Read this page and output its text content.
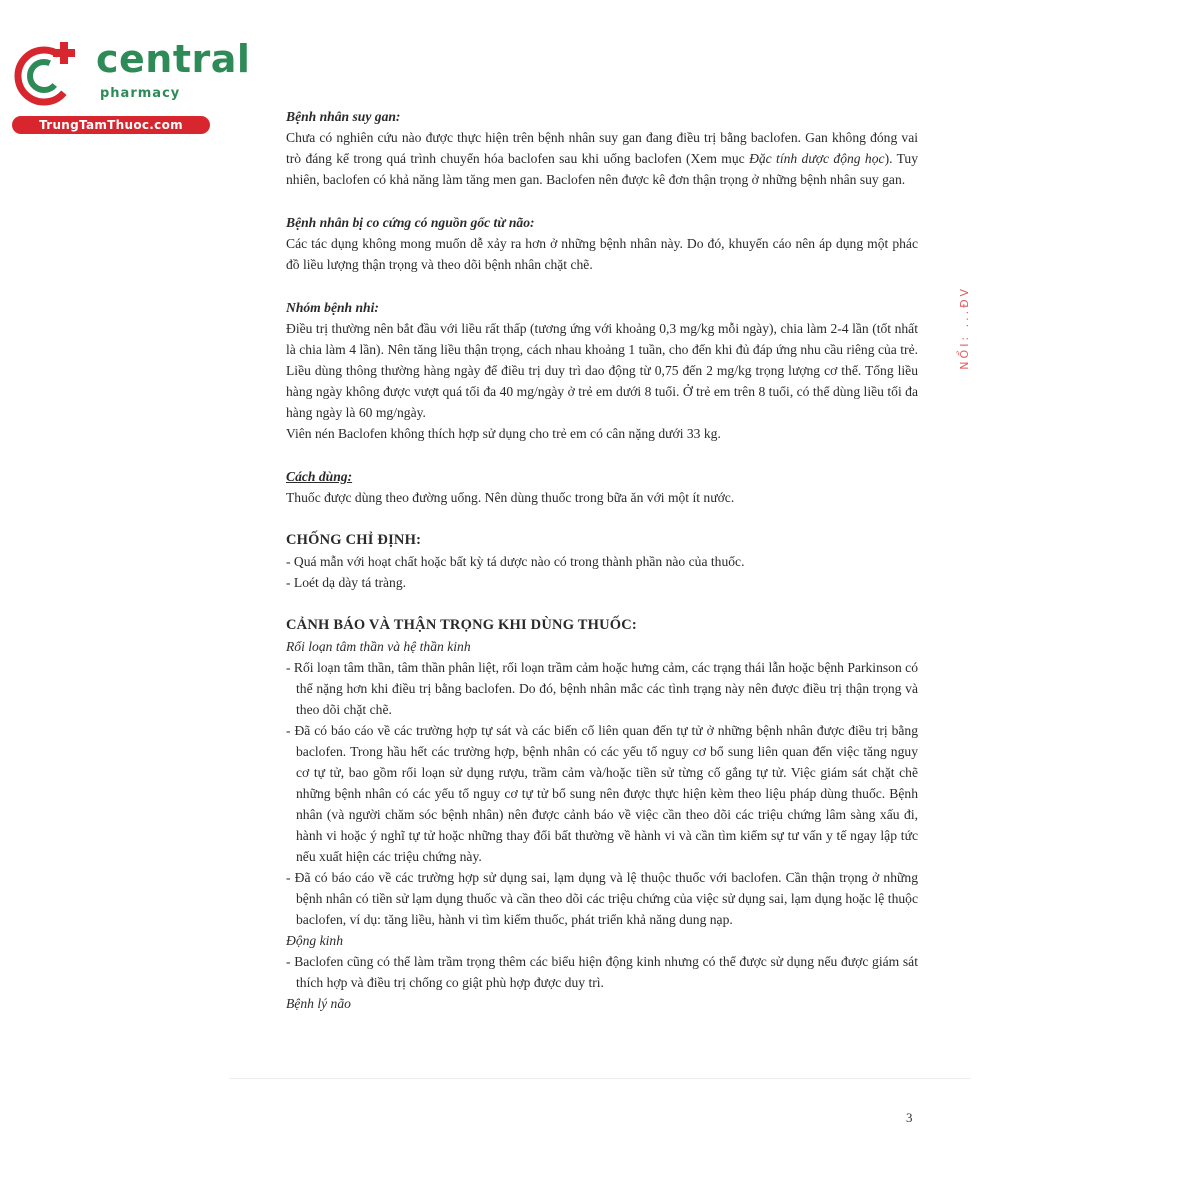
central
pharmacy
TrungTamThuoc.com
NỔI: ...ĐV

Bệnh nhân suy gan:

Chưa có nghiên cứu nào được thực hiện trên bệnh nhân suy gan đang điều trị bằng baclofen. Gan không đóng vai trò đáng kể trong quá trình chuyển hóa baclofen sau khi uống baclofen (Xem mục Đặc tính dược động học). Tuy nhiên, baclofen có khả năng làm tăng men gan. Baclofen nên được kê đơn thận trọng ở những bệnh nhân suy gan.

Bệnh nhân bị co cứng có nguồn gốc từ não:

Các tác dụng không mong muốn dễ xảy ra hơn ở những bệnh nhân này. Do đó, khuyến cáo nên áp dụng một phác đồ liều lượng thận trọng và theo dõi bệnh nhân chặt chẽ.

Nhóm bệnh nhi:

Điều trị thường nên bắt đầu với liều rất thấp (tương ứng với khoảng 0,3 mg/kg mỗi ngày), chia làm 2-4 lần (tốt nhất là chia làm 4 lần). Nên tăng liều thận trọng, cách nhau khoảng 1 tuần, cho đến khi đủ đáp ứng nhu cầu riêng của trẻ. Liều dùng thông thường hàng ngày để điều trị duy trì dao động từ 0,75 đến 2 mg/kg trọng lượng cơ thể. Tổng liều hàng ngày không được vượt quá tối đa 40 mg/ngày ở trẻ em dưới 8 tuổi. Ở trẻ em trên 8 tuổi, có thể dùng liều tối đa hàng ngày là 60 mg/ngày.

Viên nén Baclofen không thích hợp sử dụng cho trẻ em có cân nặng dưới 33 kg.

Cách dùng:

Thuốc được dùng theo đường uống. Nên dùng thuốc trong bữa ăn với một ít nước.

CHỐNG CHỈ ĐỊNH:

- Quá mẫn với hoạt chất hoặc bất kỳ tá dược nào có trong thành phần nào của thuốc.

- Loét dạ dày tá tràng.

CẢNH BÁO VÀ THẬN TRỌNG KHI DÙNG THUỐC:

Rối loạn tâm thần và hệ thần kinh

- Rối loạn tâm thần, tâm thần phân liệt, rối loạn trầm cảm hoặc hưng cảm, các trạng thái lẫn hoặc bệnh Parkinson có thể nặng hơn khi điều trị bằng baclofen. Do đó, bệnh nhân mắc các tình trạng này nên được điều trị thận trọng và theo dõi chặt chẽ.

- Đã có báo cáo về các trường hợp tự sát và các biến cố liên quan đến tự tử ở những bệnh nhân được điều trị bằng baclofen. Trong hầu hết các trường hợp, bệnh nhân có các yếu tố nguy cơ bổ sung liên quan đến việc tăng nguy cơ tự tử, bao gồm rối loạn sử dụng rượu, trầm cảm và/hoặc tiền sử từng cố gắng tự tử. Việc giám sát chặt chẽ những bệnh nhân có các yếu tố nguy cơ tự tử bổ sung nên được thực hiện kèm theo liệu pháp dùng thuốc. Bệnh nhân (và người chăm sóc bệnh nhân) nên được cảnh báo về việc cần theo dõi các triệu chứng lâm sàng xấu đi, hành vi hoặc ý nghĩ tự tử hoặc những thay đổi bất thường về hành vi và cần tìm kiếm sự tư vấn y tế ngay lập tức nếu xuất hiện các triệu chứng này.

- Đã có báo cáo về các trường hợp sử dụng sai, lạm dụng và lệ thuộc thuốc với baclofen. Cần thận trọng ở những bệnh nhân có tiền sử lạm dụng thuốc và cần theo dõi các triệu chứng của việc sử dụng sai, lạm dụng hoặc lệ thuộc baclofen, ví dụ: tăng liều, hành vi tìm kiếm thuốc, phát triển khả năng dung nạp.

Động kinh

- Baclofen cũng có thể làm trầm trọng thêm các biểu hiện động kinh nhưng có thể được sử dụng nếu được giám sát thích hợp và điều trị chống co giật phù hợp được duy trì.

Bệnh lý não

3
